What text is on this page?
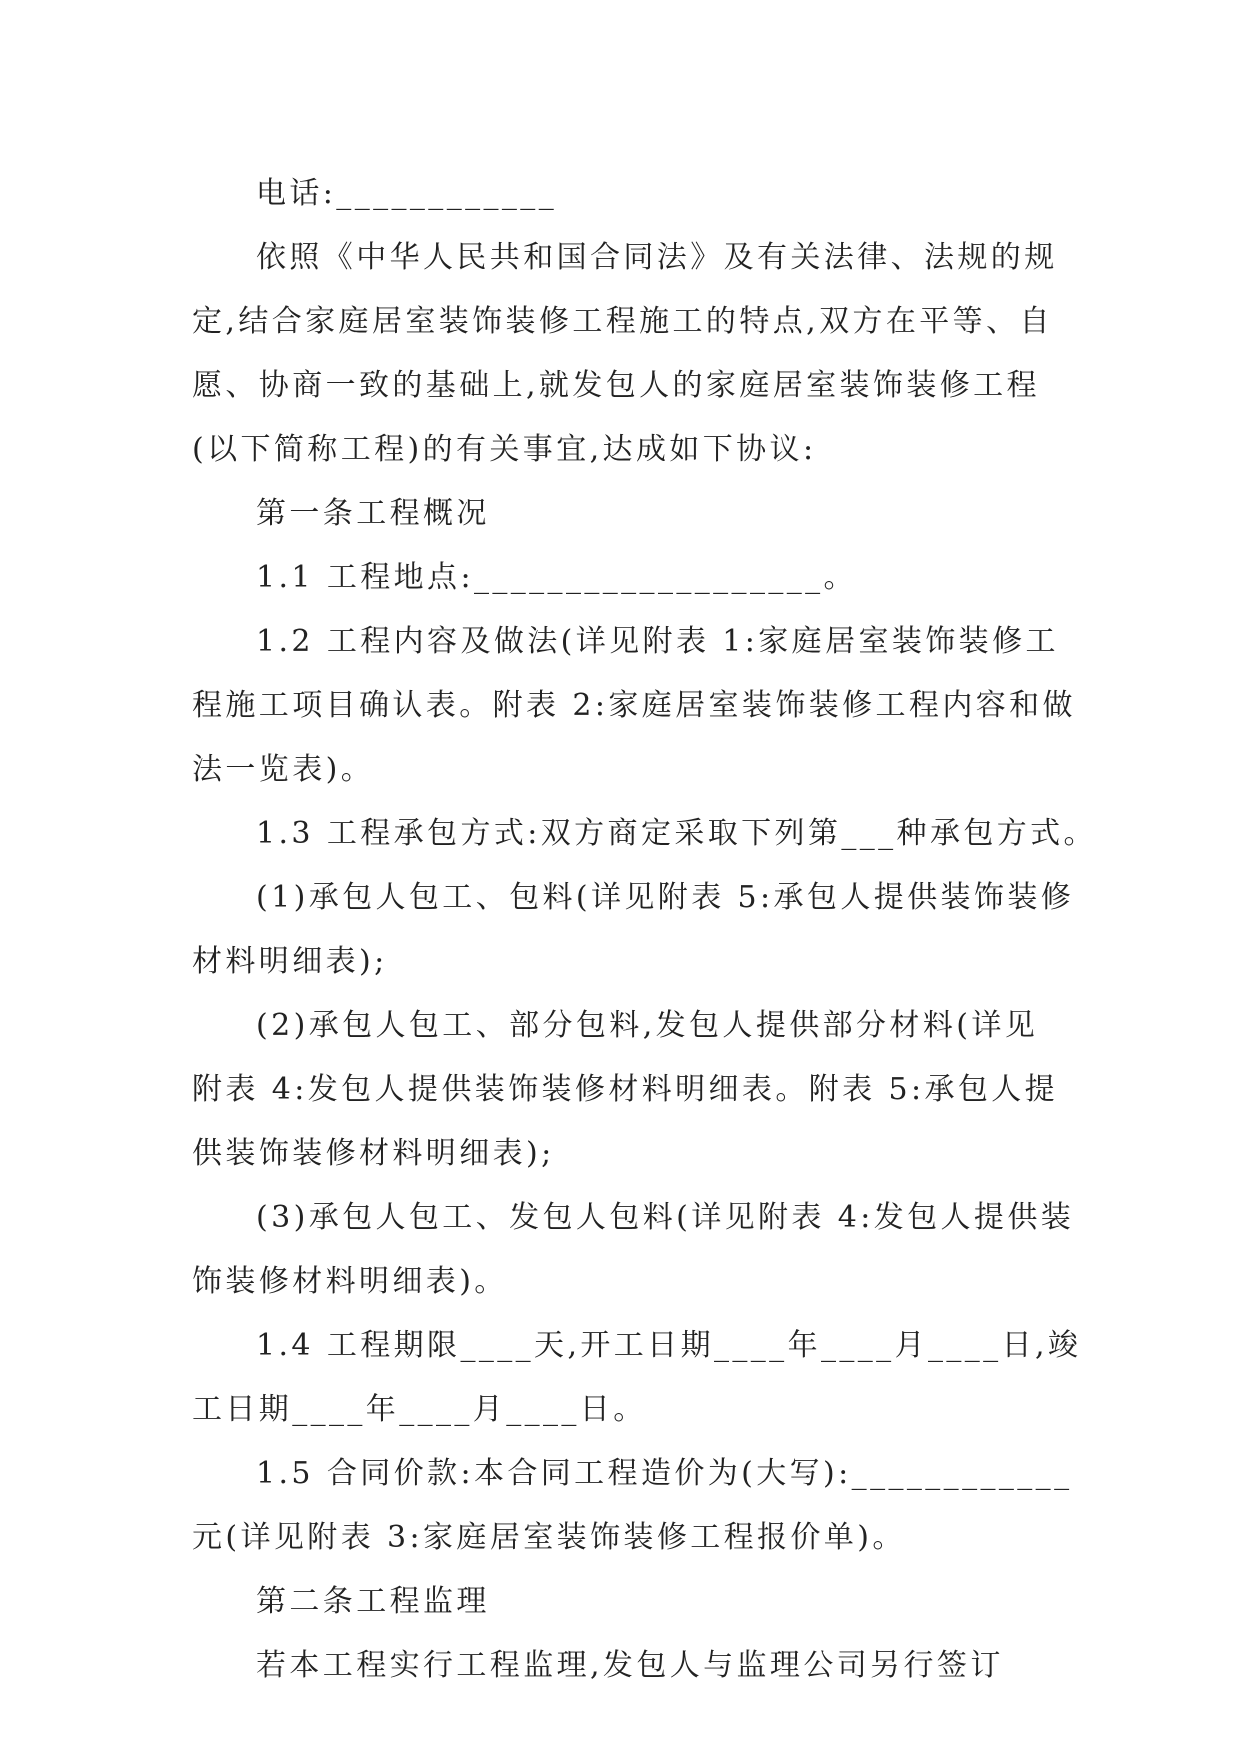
电话:____________
依照《中华人民共和国合同法》及有关法律、法规的规
定,结合家庭居室装饰装修工程施工的特点,双方在平等、自
愿、协商一致的基础上,就发包人的家庭居室装饰装修工程
(以下简称工程)的有关事宜,达成如下协议:
第一条工程概况
1.1 工程地点:___________________。
1.2 工程内容及做法(详见附表 1:家庭居室装饰装修工
程施工项目确认表。附表 2:家庭居室装饰装修工程内容和做
法一览表)。
1.3 工程承包方式:双方商定采取下列第___种承包方式。
(1)承包人包工、包料(详见附表 5:承包人提供装饰装修
材料明细表);
(2)承包人包工、部分包料,发包人提供部分材料(详见
附表 4:发包人提供装饰装修材料明细表。附表 5:承包人提
供装饰装修材料明细表);
(3)承包人包工、发包人包料(详见附表 4:发包人提供装
饰装修材料明细表)。
1.4 工程期限____天,开工日期____年____月____日,竣
工日期____年____月____日。
1.5 合同价款:本合同工程造价为(大写):____________
元(详见附表 3:家庭居室装饰装修工程报价单)。
第二条工程监理
若本工程实行工程监理,发包人与监理公司另行签订
